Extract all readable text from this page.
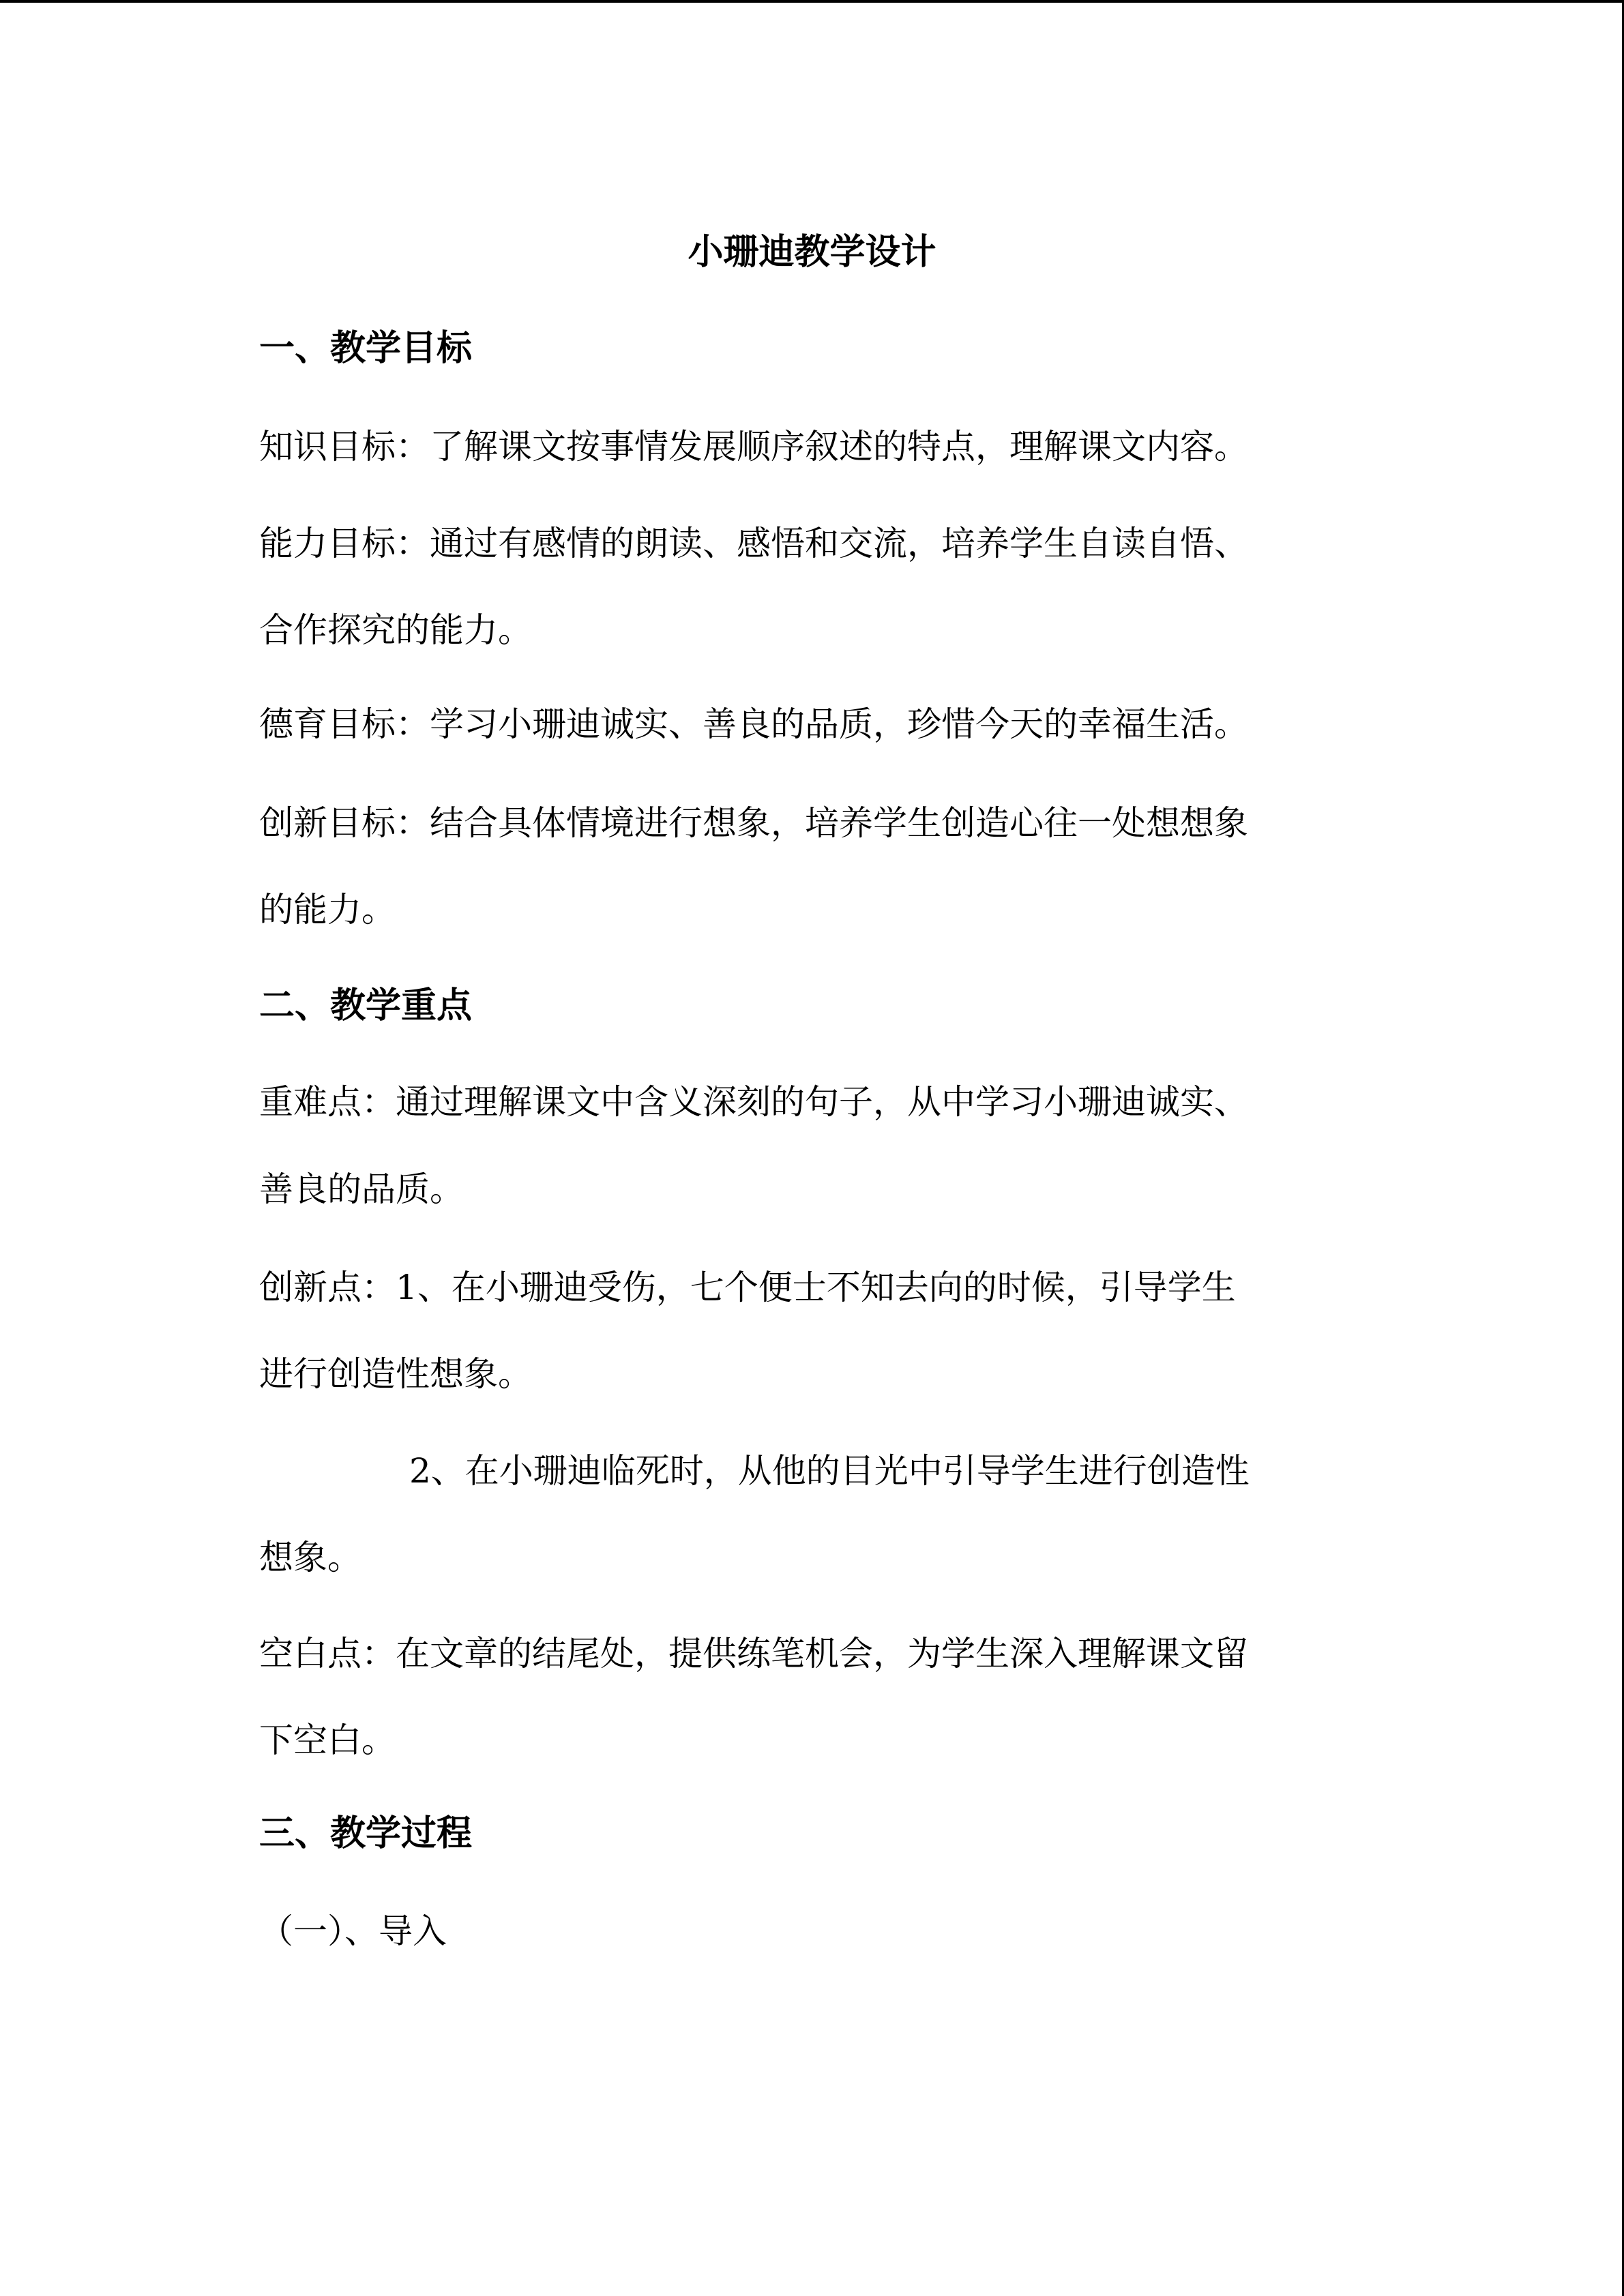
小珊迪教学设计
一、教学目标
知识目标：了解课文按事情发展顺序叙述的特点，理解课文内容。
能力目标：通过有感情的朗读、感悟和交流，培养学生自读自悟、
合作探究的能力。
德育目标：学习小珊迪诚实、善良的品质，珍惜今天的幸福生活。
创新目标：结合具体情境进行想象，培养学生创造心往一处想想象
的能力。
二、教学重点
重难点：通过理解课文中含义深刻的句子，从中学习小珊迪诚实、
善良的品质。
创新点：1、在小珊迪受伤，七个便士不知去向的时候，引导学生
进行创造性想象。
2、在小珊迪临死时，从他的目光中引导学生进行创造性
想象。
空白点：在文章的结尾处，提供练笔机会，为学生深入理解课文留
下空白。
三、教学过程
（一）、导入
